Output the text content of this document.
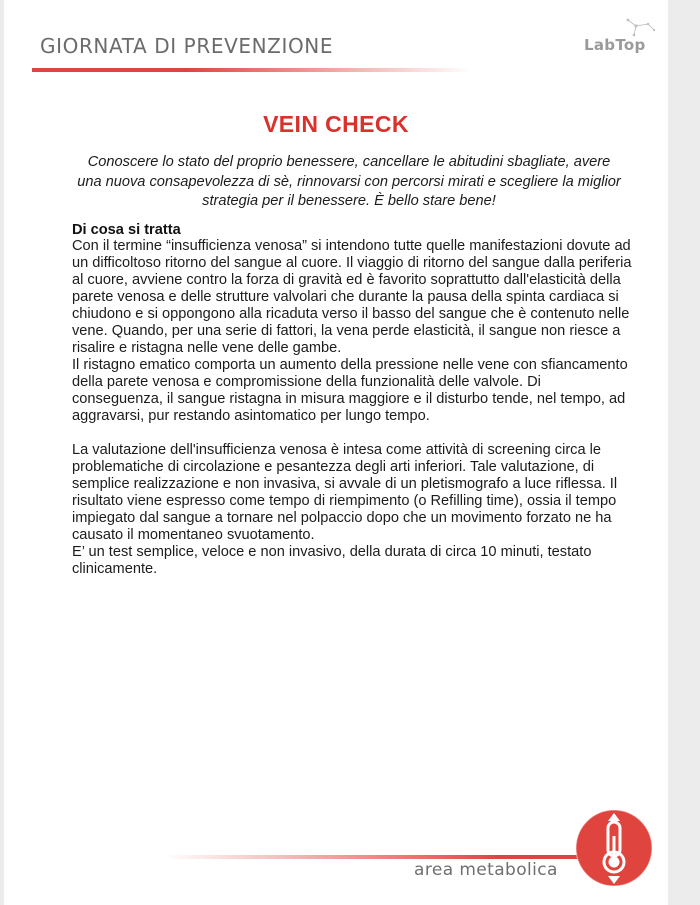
GIORNATA DI PREVENZIONE	LabTop
VEIN CHECK

Conoscere lo stato del proprio benessere, cancellare le abitudini sbagliate, avere una nuova consapevolezza di sè, rinnovarsi con percorsi mirati e scegliere la miglior strategia per il benessere. È bello stare bene!

Di cosa si tratta

Con il termine “insufficienza venosa” si intendono tutte quelle manifestazioni dovute ad un difficoltoso ritorno del sangue al cuore. Il viaggio di ritorno del sangue dalla periferia al cuore, avviene contro la forza di gravità ed è favorito soprattutto dall'elasticità della parete venosa e delle strutture valvolari che durante la pausa della spinta cardiaca si chiudono e si oppongono alla ricaduta verso il basso del sangue che è contenuto nelle vene. Quando, per una serie di fattori, la vena perde elasticità, il sangue non riesce a risalire e ristagna nelle vene delle gambe.

Il ristagno ematico comporta un aumento della pressione nelle vene con sfiancamento della parete venosa e compromissione della funzionalità delle valvole. Di conseguenza, il sangue ristagna in misura maggiore e il disturbo tende, nel tempo, ad aggravarsi, pur restando asintomatico per lungo tempo.

La valutazione dell'insufficienza venosa è intesa come attività di screening circa le problematiche di circolazione e pesantezza degli arti inferiori. Tale valutazione, di semplice realizzazione e non invasiva, si avvale di un pletismografo a luce riflessa. Il risultato viene espresso come tempo di riempimento (o Refilling time), ossia il tempo impiegato dal sangue a tornare nel polpaccio dopo che un movimento forzato ne ha causato il momentaneo svuotamento.

E’ un test semplice, veloce e non invasivo, della durata di circa 10 minuti, testato clinicamente.

area metabolica
